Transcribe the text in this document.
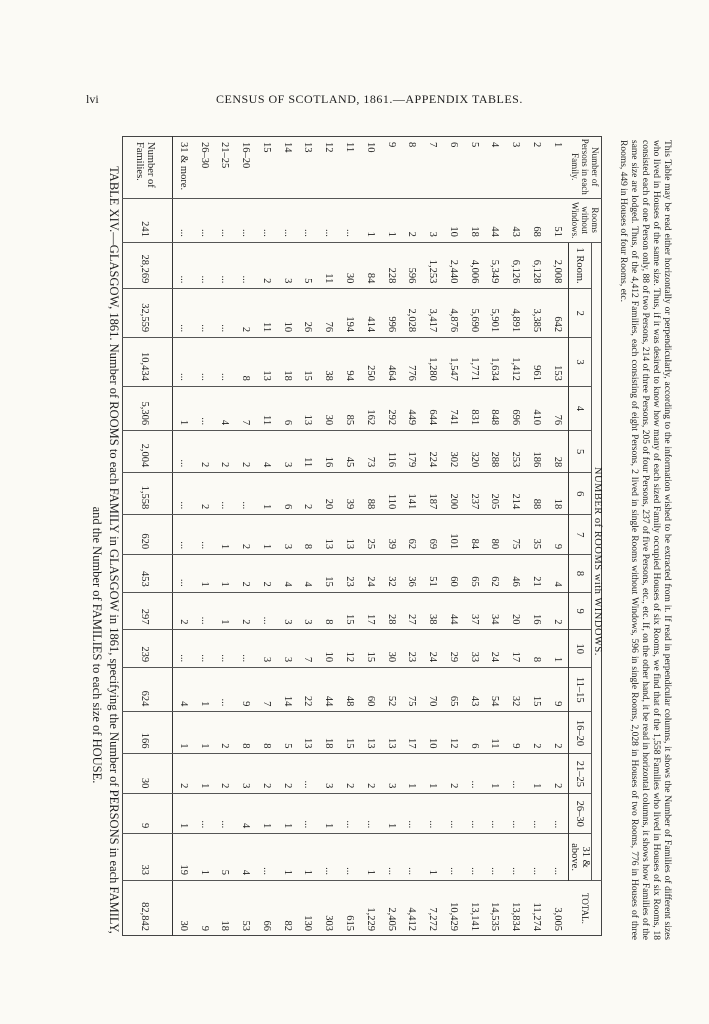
lvi	CENSUS OF SCOTLAND, 1861.—APPENDIX TABLES.
This Table may be read either horizontally or perpendicularly, according to the information wished to be extracted from it. If read in perpendicular columns, it shows the Number of Families of different sizes who lived in Houses of the same size. Thus, if it was desired to know how many of each sized Family occupied Houses of six Rooms, we find that of the 1,558 Families who lived in Houses of six Rooms, 18 consisted each of one Person only, 88 of two Persons, 214 of three Persons, 205 of four Persons, 237 of five Persons, etc., etc. If, on the other hand, it be read in horizontal columns, it shows how Families of the same size are lodged. Thus, of the 4,412 Families, each consisting of eight Persons, 2 lived in single Rooms without Windows, 596 in single Rooms, 2,028 in Houses of two Rooms, 776 in Houses of three Rooms, 449 in Houses of four Rooms, etc.
Number of Persons in each Family.	Rooms without Windows.	NUMBER of ROOMS with WINDOWS.															TOTAL.
		1 Room.	2	3	4	5	6	7	8	9	10	11–15	16–20	21–25	26–30	31 & above.	
1	51	2,008	642	153	76	28	18	9	4	2	1	9	2	2	...	...	3,005
2	68	6,128	3,385	961	410	186	88	35	21	16	8	15	2	1	...	...	11,274
3	43	6,126	4,891	1,412	696	253	214	75	46	20	17	32	9	...	...	...	13,834
4	44	5,349	5,901	1,634	848	288	205	80	62	34	24	54	11	1	...	...	14,535
5	18	4,006	5,690	1,771	831	320	237	84	65	37	33	43	6	...	...	...	13,141
6	10	2,440	4,876	1,547	741	302	200	101	60	44	29	65	12	2	...	...	10,429
7	3	1,253	3,417	1,280	644	224	187	69	51	38	24	70	10	1	...	1	7,272
8	2	596	2,028	776	449	179	141	62	36	27	23	75	17	1	...	...	4,412
9	1	228	996	464	292	116	110	39	32	28	30	52	13	3	1	...	2,405
10	1	84	414	250	162	73	88	25	24	17	15	60	13	2	...	1	1,229
11	...	30	194	94	85	45	39	13	23	15	12	48	15	2	...	...	615
12	...	11	76	38	30	16	20	13	15	8	10	44	18	3	1	...	303
13	...	5	26	15	13	11	2	8	4	3	7	22	13	...	...	1	130
14	...	3	10	18	6	3	6	3	4	3	3	14	5	2	1	1	82
15	...	2	11	13	11	4	1	1	2	...	3	7	8	2	1	...	66
16–20	...	...	2	8	7	2	...	2	2	2	...	9	8	3	4	4	53
21–25	...	...	...	...	4	2	...	1	1	1	...	...	2	2	...	5	18
26–30	...	...	...	...	...	2	2	...	1	...	...	1	1	1	...	1	9
31 & more.	...	...	...	...	1	...	...	...	...	2	...	4	1	2	1	19	30
Number of Families.	241	28,269	32,559	10,434	5,306	2,004	1,558	620	453	297	239	624	166	30	9	33	82,842
TABLE XIV.—GLASGOW, 1861. Number of ROOMS to each FAMILY in GLASGOW in 1861, specifying the Number of PERSONS in each FAMILY,
and the Number of FAMILIES to each size of HOUSE.
